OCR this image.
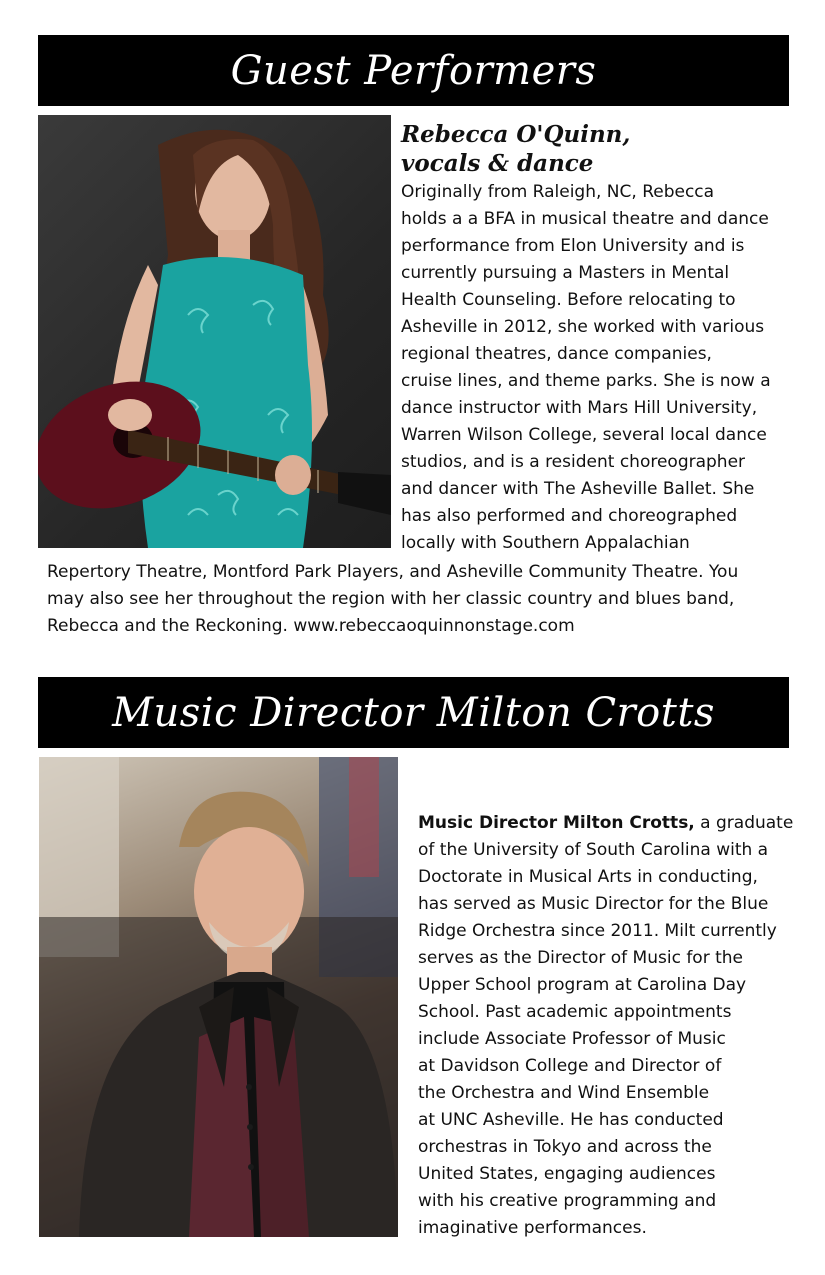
Guest Performers
Rebecca O'Quinn,
vocals & dance
Originally from Raleigh, NC, Rebecca
holds a a BFA in musical theatre and dance
performance from Elon University and is
currently pursuing a Masters in Mental
Health Counseling. Before relocating to
Asheville in 2012, she worked with various
regional theatres, dance companies,
cruise lines, and theme parks. She is now a
dance instructor with Mars Hill University,
Warren Wilson College, several local dance
studios, and is a resident choreographer
and dancer with The Asheville Ballet. She
has also performed and choreographed
locally with Southern Appalachian
Repertory Theatre, Montford Park Players, and Asheville Community Theatre. You
may also see her throughout the region with her classic country and blues band,
Rebecca and the Reckoning. www.rebeccaoquinnonstage.com
Music Director Milton Crotts
Music Director Milton Crotts, a graduate
of the University of South Carolina with a
Doctorate in Musical Arts in conducting,
has served as Music Director for the Blue
Ridge Orchestra since 2011. Milt currently
serves as the Director of Music for the
Upper School program at Carolina Day
School. Past academic appointments
include Associate Professor of Music
at Davidson College and Director of
the Orchestra and Wind Ensemble
at UNC Asheville. He has conducted
orchestras in Tokyo and across the
United States, engaging audiences
with his creative programming and
imaginative performances.
